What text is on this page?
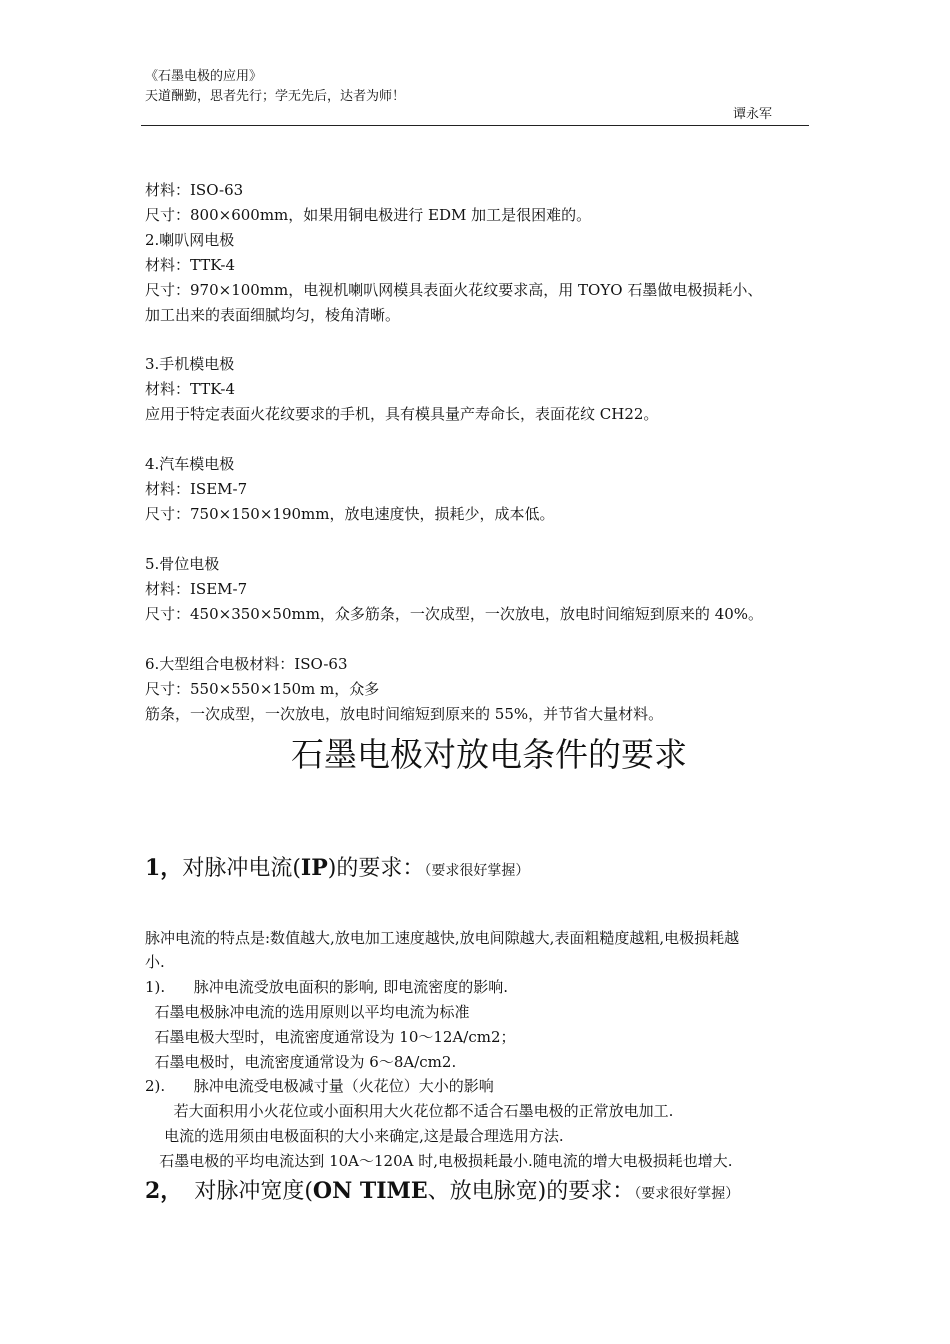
《石墨电极的应用》
天道酬勤，思者先行；学无先后，达者为师！
谭永军
材料：ISO-63
尺寸：800×600mm，如果用铜电极进行 EDM 加工是很困难的。
2.喇叭网电极
材料：TTK-4
尺寸：970×100mm，电视机喇叭网模具表面火花纹要求高，用 TOYO 石墨做电极损耗小、
加工出来的表面细腻均匀，棱角清晰。
3.手机模电极
材料：TTK-4
应用于特定表面火花纹要求的手机，具有模具量产寿命长，表面花纹 CH22。
4.汽车模电极
材料：ISEM-7
尺寸：750×150×190mm，放电速度快，损耗少，成本低。
5.骨位电极
材料：ISEM-7
尺寸：450×350×50mm，众多筋条，一次成型，一次放电，放电时间缩短到原来的 40%。
6.大型组合电极材料：ISO-63
尺寸：550×550×150m m，众多
筋条，一次成型，一次放电，放电时间缩短到原来的 55%，并节省大量材料。
石墨电极对放电条件的要求
1，对脉冲电流(IP)的要求：（要求很好掌握）
脉冲电流的特点是:数值越大,放电加工速度越快,放电间隙越大,表面粗糙度越粗,电极损耗越
小.
1).      脉冲电流受放电面积的影响, 即电流密度的影响.
石墨电极脉冲电流的选用原则以平均电流为标准
石墨电极大型时，电流密度通常设为 10～12A/cm2；
石墨电极时，电流密度通常设为 6～8A/cm2.
2).      脉冲电流受电极减寸量（火花位）大小的影响
若大面积用小火花位或小面积用大火花位都不适合石墨电极的正常放电加工.
电流的选用须由电极面积的大小来确定,这是最合理选用方法.
石墨电极的平均电流达到 10A～120A 时,电极损耗最小.随电流的增大电极损耗也增大.
2， 对脉冲宽度(ON TIME、放电脉宽)的要求：（要求很好掌握）
